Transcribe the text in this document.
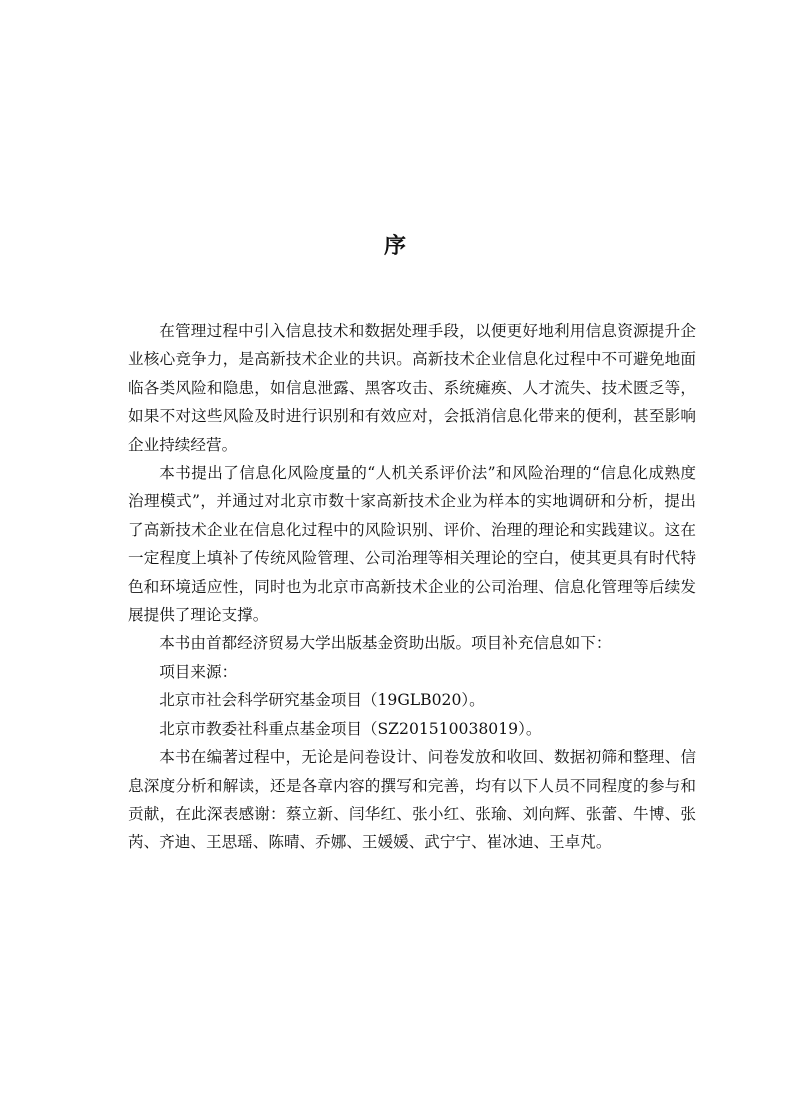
序

在管理过程中引入信息技术和数据处理手段，以便更好地利用信息资源提升企业核心竞争力，是高新技术企业的共识。高新技术企业信息化过程中不可避免地面临各类风险和隐患，如信息泄露、黑客攻击、系统瘫痪、人才流失、技术匮乏等，如果不对这些风险及时进行识别和有效应对，会抵消信息化带来的便利，甚至影响企业持续经营。

本书提出了信息化风险度量的“人机关系评价法”和风险治理的“信息化成熟度治理模式”，并通过对北京市数十家高新技术企业为样本的实地调研和分析，提出了高新技术企业在信息化过程中的风险识别、评价、治理的理论和实践建议。这在一定程度上填补了传统风险管理、公司治理等相关理论的空白，使其更具有时代特色和环境适应性，同时也为北京市高新技术企业的公司治理、信息化管理等后续发展提供了理论支撑。

本书由首都经济贸易大学出版基金资助出版。项目补充信息如下：

项目来源：

北京市社会科学研究基金项目（19GLB020）。

北京市教委社科重点基金项目（SZ201510038019）。

本书在编著过程中，无论是问卷设计、问卷发放和收回、数据初筛和整理、信息深度分析和解读，还是各章内容的撰写和完善，均有以下人员不同程度的参与和贡献，在此深表感谢：蔡立新、闫华红、张小红、张瑜、刘向辉、张蕾、牛博、张芮、齐迪、王思瑶、陈晴、乔娜、王媛媛、武宁宁、崔冰迪、王卓芃。
